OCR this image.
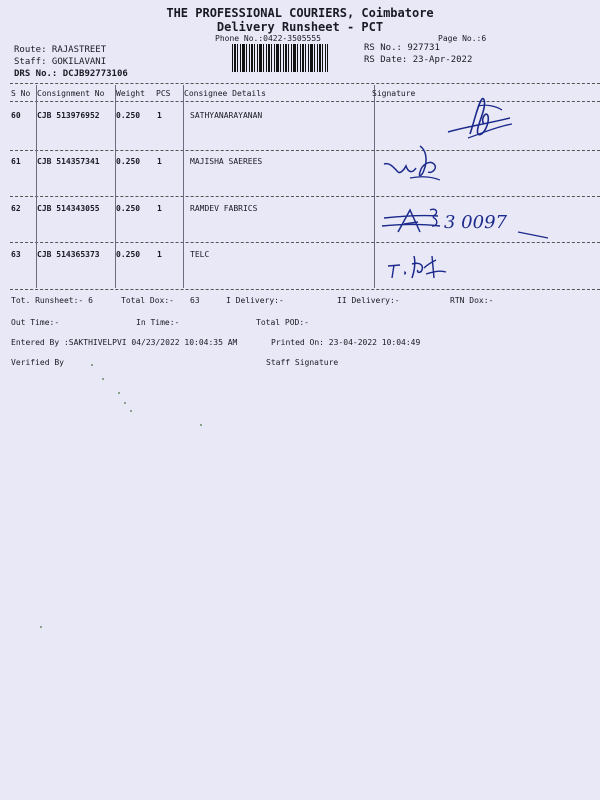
THE PROFESSIONAL COURIERS, Coimbatore
Delivery Runsheet - PCT
Phone No.:0422-3505555	Page No.:6
Route: RAJASTREET
Staff: GOKILAVANI
DRS No.: DCJB92773106
RS No.: 927731
RS Date: 23-Apr-2022
S No Consignment No Weight PCS Consignee Details	Signature
60 CJB 513976952 0.250 1	SATHYANARAYANAN
61 CJB 514357341 0.250 1	MAJISHA SAEREES
62 CJB 514343055 0.250 1	RAMDEV FABRICS
63 CJB 514365373 0.250 1	TELC
3 0097
Tot. Runsheet:- 6	Total Dox:- 63	I Delivery:-	II Delivery:-	RTN Dox:-
Out Time:-	In Time:-	Total POD:-
Entered By :SAKTHIVELPVI 04/23/2022 10:04:35 AM	Printed On: 23-04-2022 10:04:49
Verified By	Staff Signature
